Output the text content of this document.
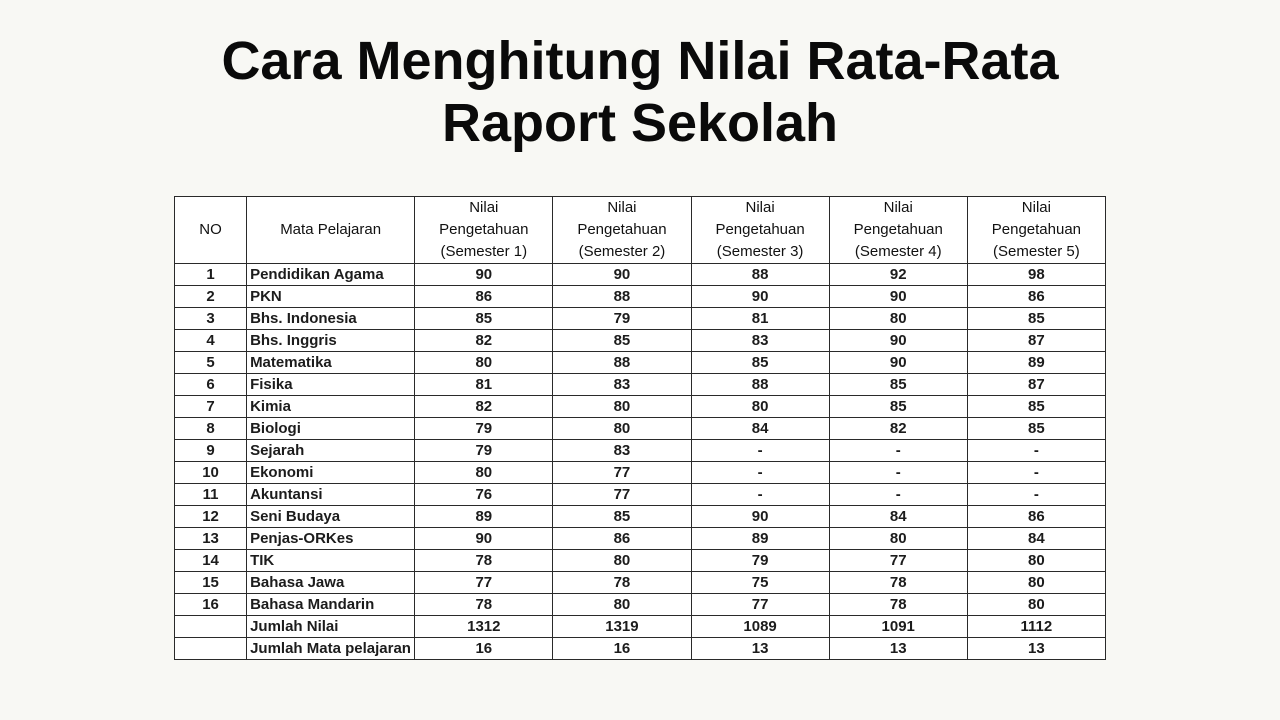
Cara Menghitung Nilai Rata-Rata
Raport Sekolah
NO	Mata Pelajaran	Nilai
Pengetahuan
(Semester 1)	Nilai
Pengetahuan
(Semester 2)	Nilai
Pengetahuan
(Semester 3)	Nilai
Pengetahuan
(Semester 4)	Nilai
Pengetahuan
(Semester 5)

1	Pendidikan Agama	90	90	88	92	98
2	PKN	86	88	90	90	86
3	Bhs. Indonesia	85	79	81	80	85
4	Bhs. Inggris	82	85	83	90	87
5	Matematika	80	88	85	90	89
6	Fisika	81	83	88	85	87
7	Kimia	82	80	80	85	85
8	Biologi	79	80	84	82	85
9	Sejarah	79	83	-	-	-
10	Ekonomi	80	77	-	-	-
11	Akuntansi	76	77	-	-	-
12	Seni Budaya	89	85	90	84	86
13	Penjas-ORKes	90	86	89	80	84
14	TIK	78	80	79	77	80
15	Bahasa Jawa	77	78	75	78	80
16	Bahasa Mandarin	78	80	77	78	80
	Jumlah Nilai	1312	1319	1089	1091	1112
	Jumlah Mata pelajaran	16	16	13	13	13
